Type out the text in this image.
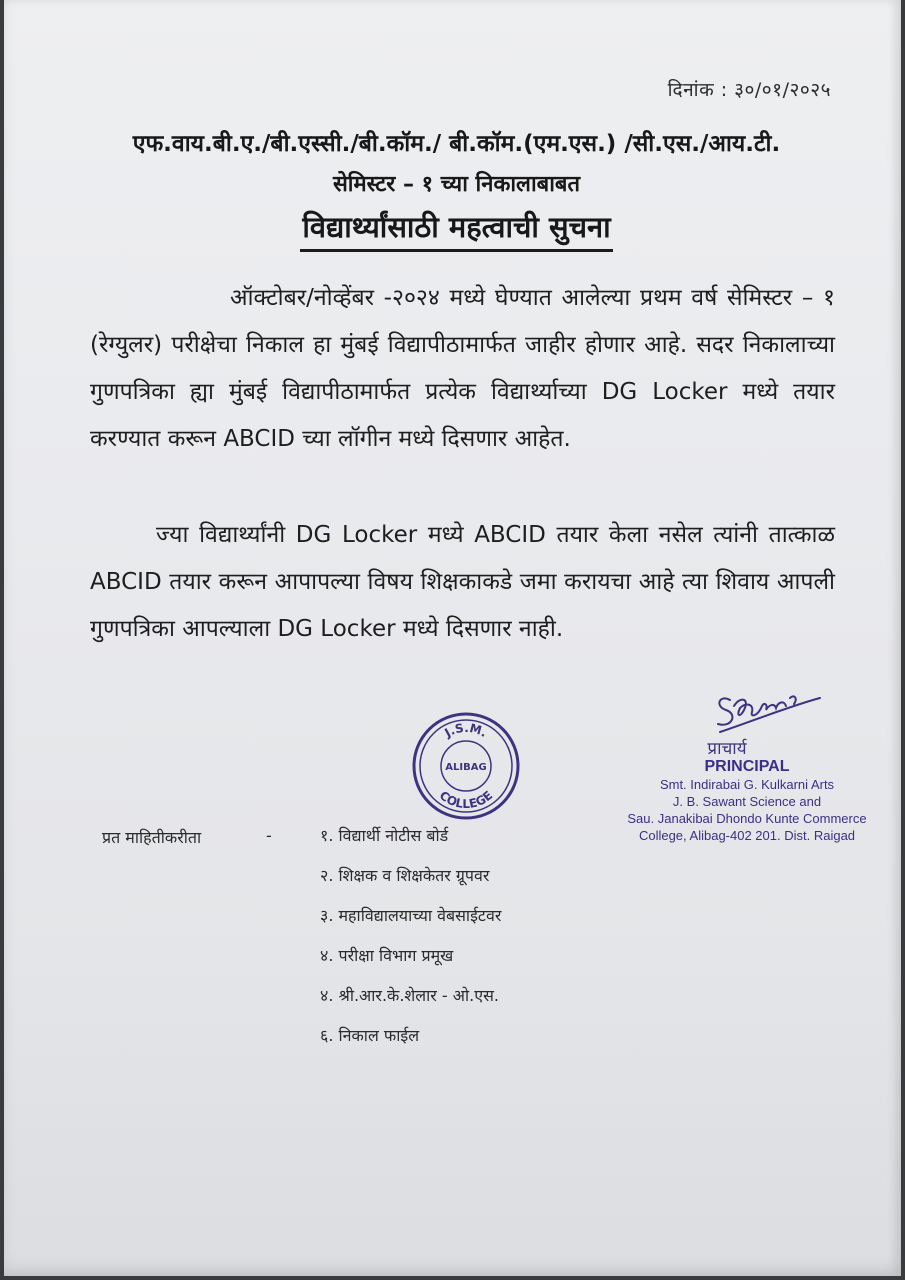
दिनांक : ३०/०१/२०२५
एफ.वाय.बी.ए./बी.एस्सी./बी.कॉम./ बी.कॉम.(एम.एस.) /सी.एस./आय.टी.
सेमिस्टर – १ च्या निकालाबाबत
विद्यार्थ्यांसाठी महत्वाची सुचना

ऑक्टोबर/नोव्हेंबर -२०२४ मध्ये घेण्यात आलेल्या प्रथम वर्ष सेमिस्टर – १ (रेग्युलर) परीक्षेचा निकाल हा मुंबई विद्यापीठामार्फत जाहीर होणार आहे. सदर निकालाच्या गुणपत्रिका ह्या मुंबई विद्यापीठामार्फत प्रत्येक विद्यार्थ्याच्या DG Locker मध्ये तयार करण्यात करून ABCID च्या लॉगीन मध्ये दिसणार आहेत.

ज्या विद्यार्थ्यांनी DG Locker मध्ये ABCID तयार केला नसेल त्यांनी तात्काळ ABCID तयार करून आपापल्या विषय शिक्षकाकडे जमा करायचा आहे त्या शिवाय आपली गुणपत्रिका आपल्याला DG Locker मध्ये दिसणार नाही.

J.S.M.
ALIBAG
COLLEGE
प्राचार्य
PRINCIPAL
Smt. Indirabai G. Kulkarni Arts
J. B. Sawant Science and
Sau. Janakibai Dhondo Kunte Commerce
College, Alibag-402 201. Dist. Raigad
प्रत माहितीकरीता	-	१. विद्यार्थी नोटीस बोर्ड
२. शिक्षक व शिक्षकेतर ग्रूपवर
३. महाविद्यालयाच्या वेबसाईटवर
४. परीक्षा विभाग प्रमूख
४. श्री.आर.के.शेलार - ओ.एस.
६. निकाल फाईल
